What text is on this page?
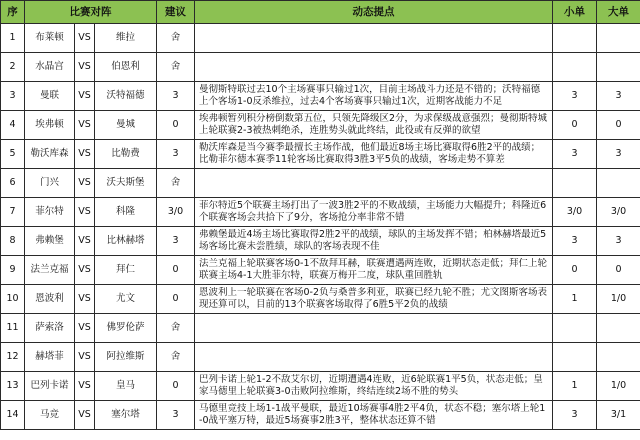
序	比赛对阵			建议	动态提点	小单	大单
1	布莱顿	VS	维拉	舍	

2	水晶宫	VS	伯恩利	舍	

3	曼联	VS	沃特福德	3	曼彻斯特联过去10个主场赛事只输过1次，目前主场战斗力还是不错的；沃特福德上个客场1-0反杀维拉，过去4个客场赛事只输过1次，近期客战能力不足	3	3
4	埃弗顿	VS	曼城	0	埃弗顿暂列积分榜倒数第五位，只领先降级区2分，为求保级战意强烈；曼彻斯特城上轮联赛2-3被热刺绝杀，连胜势头就此终结，此役或有反弹的欲望	0	0
5	勒沃库森	VS	比勒费	3	勒沃库森是当今赛季最擅长主场作战，他们最近8场主场比赛取得6胜2平的战绩；比勒菲尔德本赛季11轮客场比赛取得3胜3平5负的战绩，客场走势不算差	3	3
6	门兴	VS	沃夫斯堡	舍	

7	菲尔特	VS	科隆	3/0	菲尔特近5个联赛主场打出了一波3胜2平的不败战绩，主场能力大幅提升；科隆近6个联赛客场会共拾下了9分，客场抢分率非常不错	3/0	3/0
8	弗赖堡	VS	比林赫塔	3	弗赖堡最近4场主场比赛取得2胜2平的战绩，球队的主场发挥不错；柏林赫塔最近5场客场比赛未尝胜绩，球队的客场表现不佳	3	3
9	法兰克福	VS	拜仁	0	法兰克福上轮联赛客场0-1不敌拜耳赫，联赛遭遇两连败，近期状态走低；拜仁上轮联赛主场4-1大胜菲尔特，联赛万梅开二度，球队重回胜轨	0	0
10	恩波利	VS	尤文	0	恩波利上一轮联赛在客场0-2负与桑普多利亚，联赛已经九轮不胜；尤文图斯客场表现还算可以，目前的13个联赛客场取得了6胜5平2负的战绩	1	1/0
11	萨索洛	VS	佛罗伦萨	舍	

12	赫塔菲	VS	阿拉维斯	舍	

13	巴列卡诺	VS	皇马	0	巴列卡诺上轮1-2不敌艾尔切，近期遭遇4连败，近6轮联赛1平5负，状态走低；皇家马德里上轮联赛3-0击败阿拉维斯，终结连续2场不胜的势头	1	1/0
14	马竞	VS	塞尔塔	3	马德里竞技上场1-1战平曼联，最近10场赛事4胜2平4负，状态不稳；塞尔塔上轮1-0战平塞万特，最近5场赛事2胜3平，整体状态还算不错	3	3/1
